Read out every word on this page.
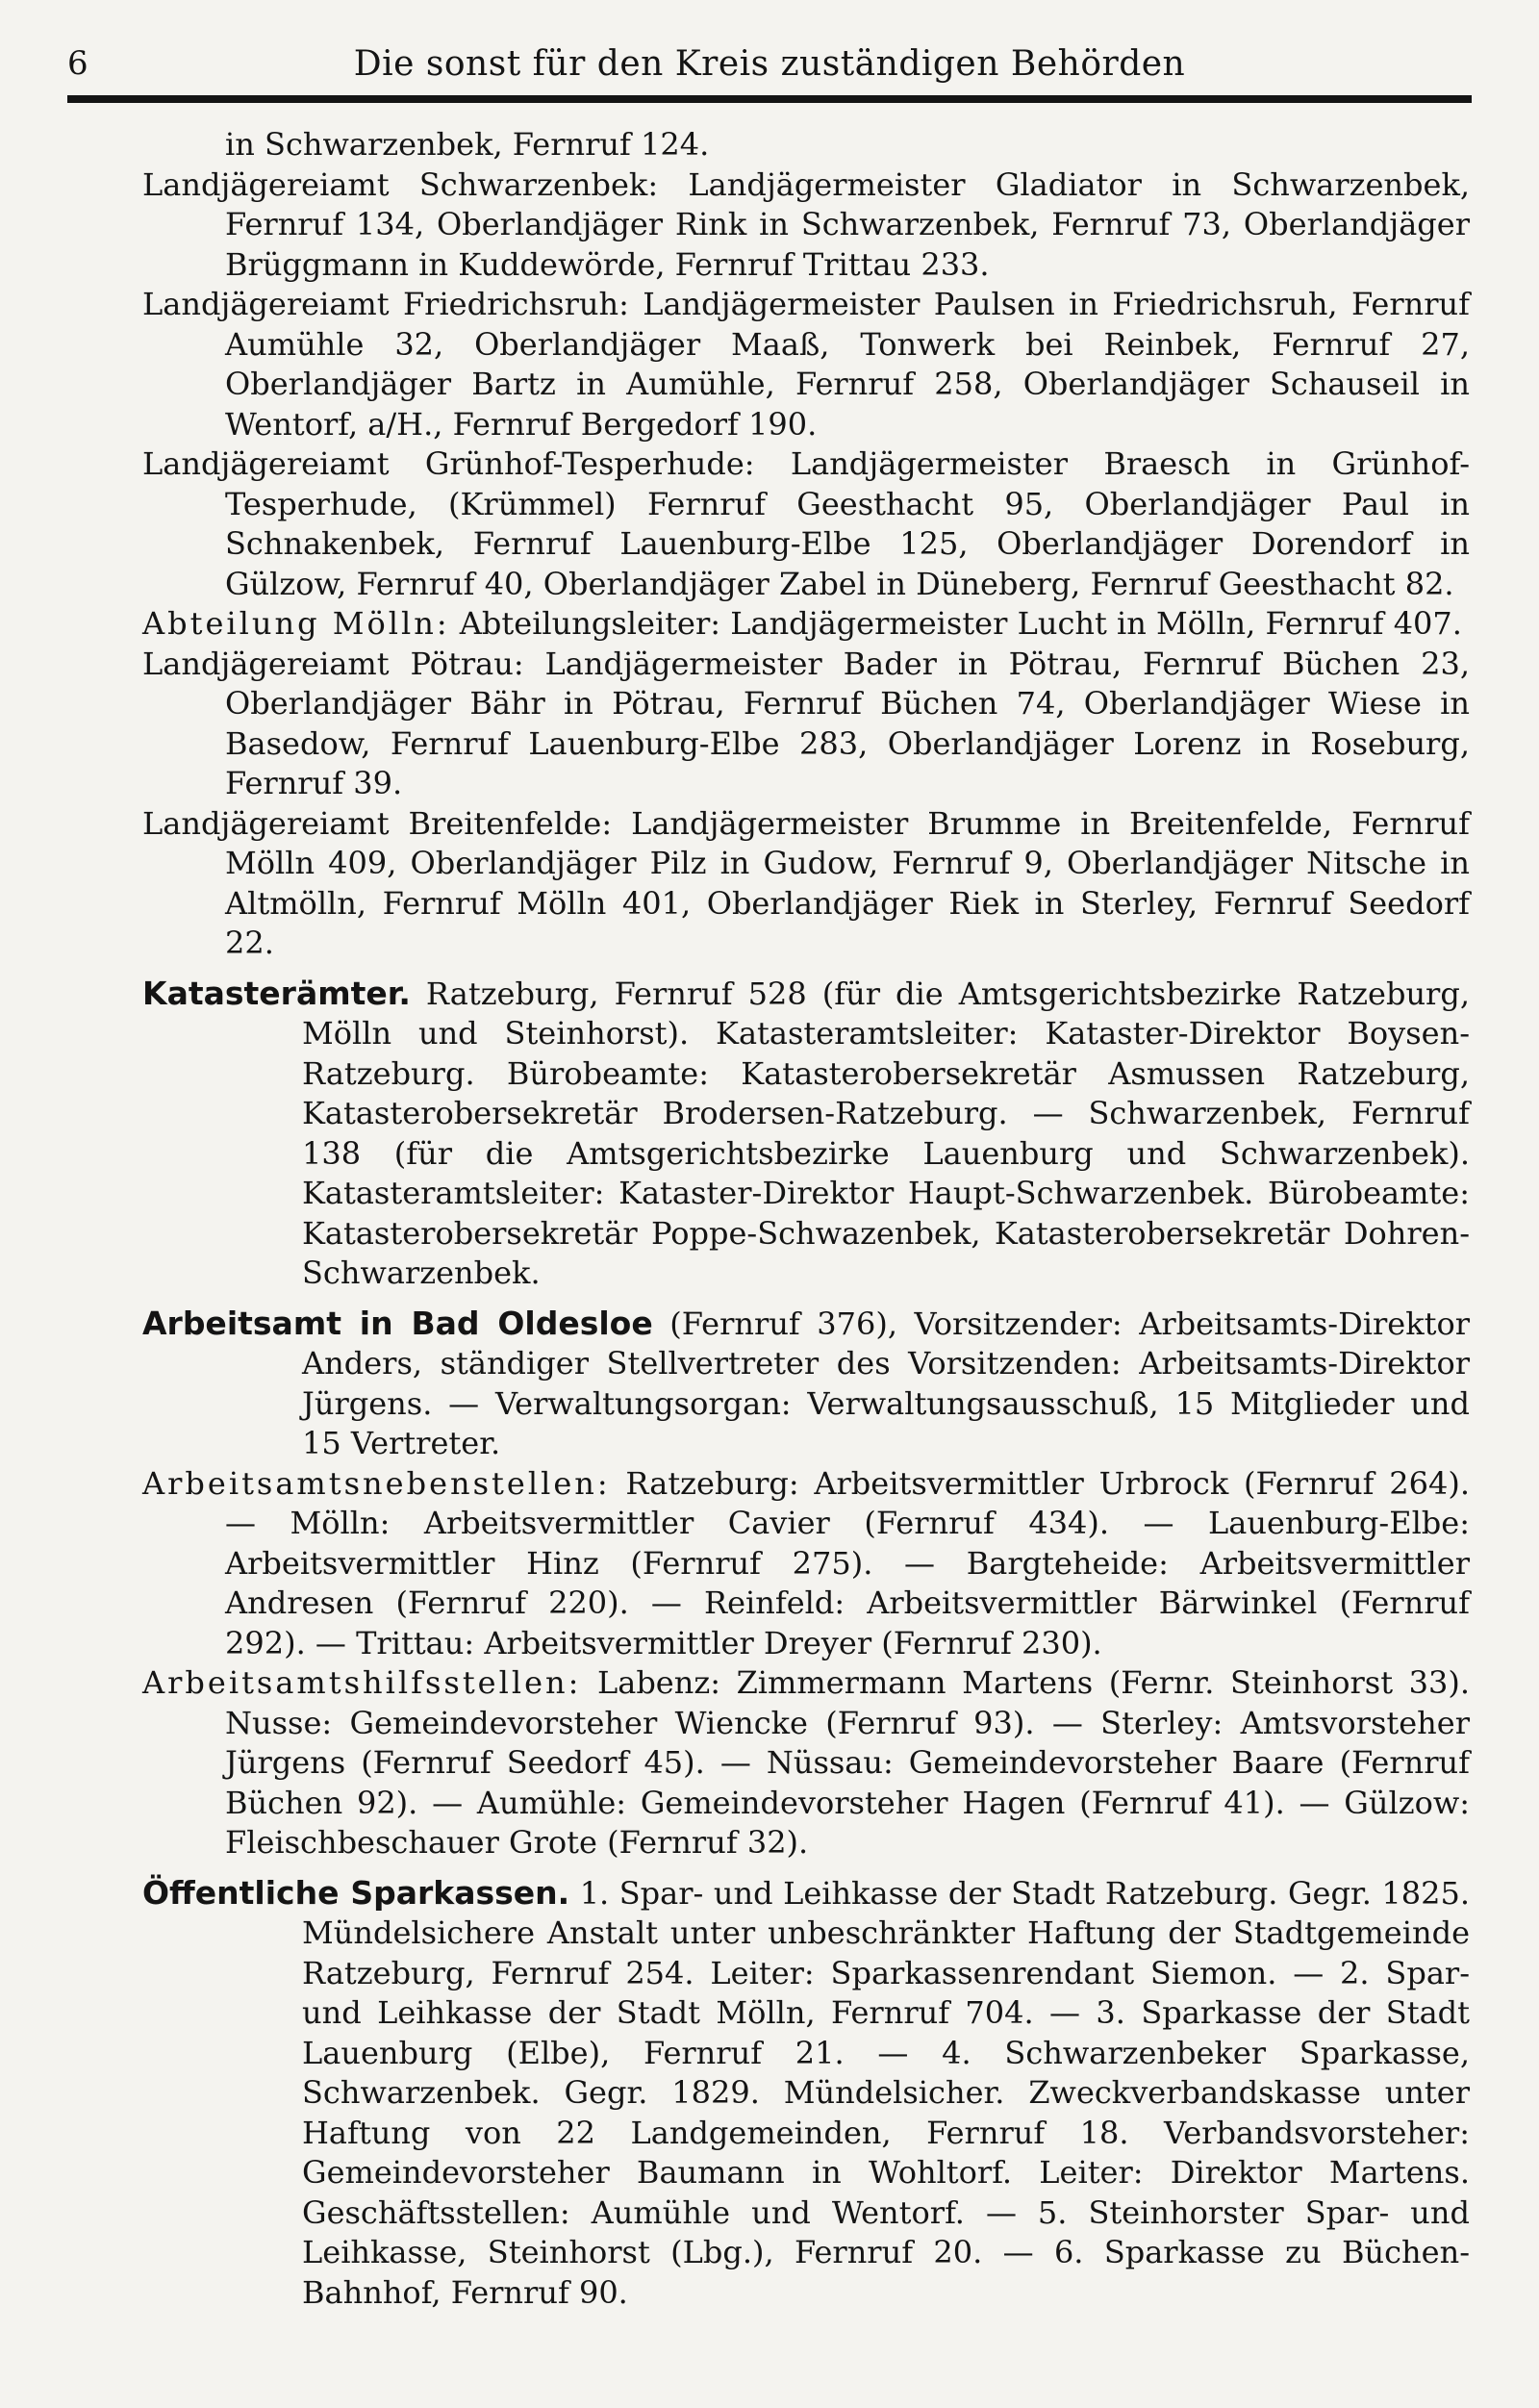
6	Die sonst für den Kreis zuständigen Behörden

in Schwarzenbek, Fernruf 124.

Landjägereiamt Schwarzenbek: Landjägermeister Gladiator in Schwarzenbek, Fernruf 134, Oberlandjäger Rink in Schwarzenbek, Fernruf 73, Oberlandjäger Brüggmann in Kuddewörde, Fernruf Trittau 233.

Landjägereiamt Friedrichsruh: Landjägermeister Paulsen in Friedrichsruh, Fernruf Aumühle 32, Oberlandjäger Maaß, Tonwerk bei Reinbek, Fernruf 27, Oberlandjäger Bartz in Aumühle, Fernruf 258, Oberlandjäger Schauseil in Wentorf, a/H., Fernruf Bergedorf 190.

Landjägereiamt Grünhof-Tesperhude: Landjägermeister Braesch in Grünhof-Tesperhude, (Krümmel) Fernruf Geesthacht 95, Oberlandjäger Paul in Schnakenbek, Fernruf Lauenburg-Elbe 125, Oberlandjäger Dorendorf in Gülzow, Fernruf 40, Oberlandjäger Zabel in Düneberg, Fernruf Geesthacht 82.

Abteilung Mölln: Abteilungsleiter: Landjägermeister Lucht in Mölln, Fernruf 407.

Landjägereiamt Pötrau: Landjägermeister Bader in Pötrau, Fernruf Büchen 23, Oberlandjäger Bähr in Pötrau, Fernruf Büchen 74, Oberlandjäger Wiese in Basedow, Fernruf Lauenburg-Elbe 283, Oberlandjäger Lorenz in Roseburg, Fernruf 39.

Landjägereiamt Breitenfelde: Landjägermeister Brumme in Breitenfelde, Fernruf Mölln 409, Oberlandjäger Pilz in Gudow, Fernruf 9, Oberlandjäger Nitsche in Altmölln, Fernruf Mölln 401, Oberlandjäger Riek in Sterley, Fernruf Seedorf 22.

Katasterämter. Ratzeburg, Fernruf 528 (für die Amtsgerichtsbezirke Ratzeburg, Mölln und Steinhorst). Katasteramtsleiter: Kataster-Direktor Boysen-Ratzeburg. Bürobeamte: Katasterobersekretär Asmussen Ratzeburg, Katasterobersekretär Brodersen-Ratzeburg. — Schwarzenbek, Fernruf 138 (für die Amtsgerichtsbezirke Lauenburg und Schwarzenbek). Katasteramtsleiter: Kataster-Direktor Haupt-Schwarzenbek. Bürobeamte: Katasterobersekretär Poppe-Schwazenbek, Katasterobersekretär Dohren-Schwarzenbek.

Arbeitsamt in Bad Oldesloe (Fernruf 376), Vorsitzender: Arbeitsamts-Direktor Anders, ständiger Stellvertreter des Vorsitzenden: Arbeitsamts-Direktor Jürgens. — Verwaltungsorgan: Verwaltungsausschuß, 15 Mitglieder und 15 Vertreter.

Arbeitsamtsnebenstellen: Ratzeburg: Arbeitsvermittler Urbrock (Fernruf 264). — Mölln: Arbeitsvermittler Cavier (Fernruf 434). — Lauenburg-Elbe: Arbeitsvermittler Hinz (Fernruf 275). — Bargteheide: Arbeitsvermittler Andresen (Fernruf 220). — Reinfeld: Arbeitsvermittler Bärwinkel (Fernruf 292). — Trittau: Arbeitsvermittler Dreyer (Fernruf 230).

Arbeitsamtshilfsstellen: Labenz: Zimmermann Martens (Fernr. Steinhorst 33). Nusse: Gemeindevorsteher Wiencke (Fernruf 93). — Sterley: Amtsvorsteher Jürgens (Fernruf Seedorf 45). — Nüssau: Gemeindevorsteher Baare (Fernruf Büchen 92). — Aumühle: Gemeindevorsteher Hagen (Fernruf 41). — Gülzow: Fleischbeschauer Grote (Fernruf 32).

Öffentliche Sparkassen. 1. Spar- und Leihkasse der Stadt Ratzeburg. Gegr. 1825. Mündelsichere Anstalt unter unbeschränkter Haftung der Stadtgemeinde Ratzeburg, Fernruf 254. Leiter: Sparkassenrendant Siemon. — 2. Spar- und Leihkasse der Stadt Mölln, Fernruf 704. — 3. Sparkasse der Stadt Lauenburg (Elbe), Fernruf 21. — 4. Schwarzenbeker Sparkasse, Schwarzenbek. Gegr. 1829. Mündelsicher. Zweckverbandskasse unter Haftung von 22 Landgemeinden, Fernruf 18. Verbandsvorsteher: Gemeindevorsteher Baumann in Wohltorf. Leiter: Direktor Martens. Geschäftsstellen: Aumühle und Wentorf. — 5. Steinhorster Spar- und Leihkasse, Steinhorst (Lbg.), Fernruf 20. — 6. Sparkasse zu Büchen-Bahnhof, Fernruf 90.
